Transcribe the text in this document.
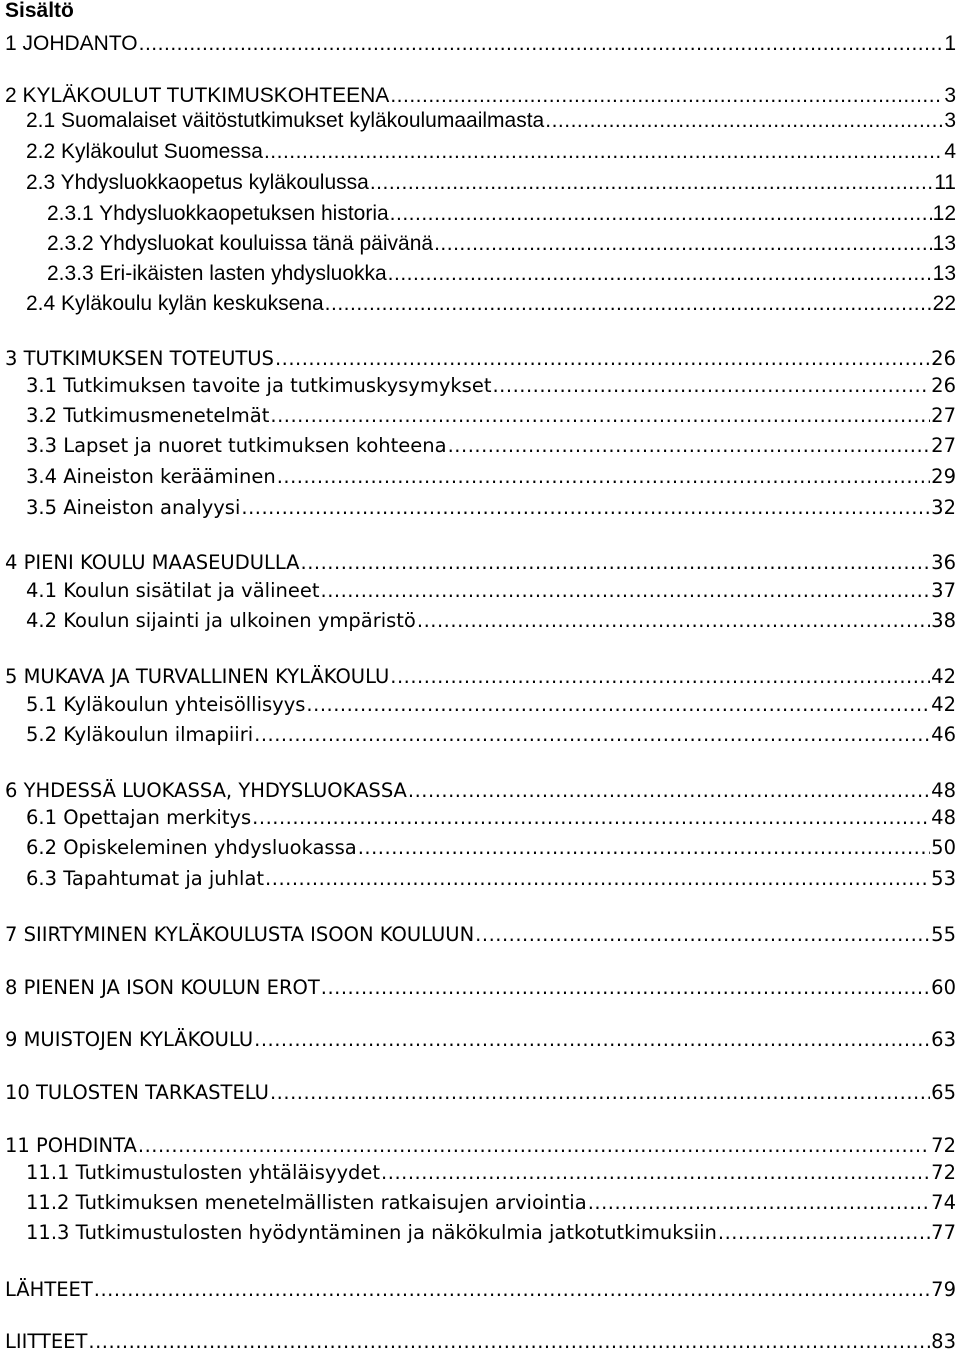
Sisältö
1 JOHDANTO .....	1
2 KYLÄKOULUT TUTKIMUSKOHTEENA .....	3
2.1 Suomalaiset väitöstutkimukset kyläkoulumaailmasta .....	3
2.2 Kyläkoulut Suomessa .....	4
2.3 Yhdysluokkaopetus kyläkoulussa .....	11
2.3.1 Yhdysluokkaopetuksen historia .....	12
2.3.2 Yhdysluokat kouluissa tänä päivänä .....	13
2.3.3 Eri-ikäisten lasten yhdysluokka .....	13
2.4 Kyläkoulu kylän keskuksena .....	22
3 TUTKIMUKSEN TOTEUTUS .....	26
3.1 Tutkimuksen tavoite ja tutkimuskysymykset .....	26
3.2 Tutkimusmenetelmät .....	27
3.3 Lapset ja nuoret tutkimuksen kohteena .....	27
3.4 Aineiston kerääminen .....	29
3.5 Aineiston analyysi .....	32
4 PIENI KOULU MAASEUDULLA .....	36
4.1 Koulun sisätilat ja välineet .....	37
4.2 Koulun sijainti ja ulkoinen ympäristö .....	38
5 MUKAVA JA TURVALLINEN KYLÄKOULU .....	42
5.1 Kyläkoulun yhteisöllisyys .....	42
5.2 Kyläkoulun ilmapiiri .....	46
6 YHDESSÄ LUOKASSA, YHDYSLUOKASSA .....	48
6.1 Opettajan merkitys .....	48
6.2 Opiskeleminen yhdysluokassa .....	50
6.3 Tapahtumat ja juhlat .....	53
7 SIIRTYMINEN KYLÄKOULUSTA ISOON KOULUUN .....	55
8 PIENEN JA ISON KOULUN EROT .....	60
9 MUISTOJEN KYLÄKOULU .....	63
10 TULOSTEN TARKASTELU .....	65
11 POHDINTA .....	72
11.1 Tutkimustulosten yhtäläisyydet .....	72
11.2 Tutkimuksen menetelmällisten ratkaisujen arviointia .....	74
11.3 Tutkimustulosten hyödyntäminen ja näkökulmia jatkotutkimuksiin .....	77
LÄHTEET .....	79
LIITTEET .....	83
